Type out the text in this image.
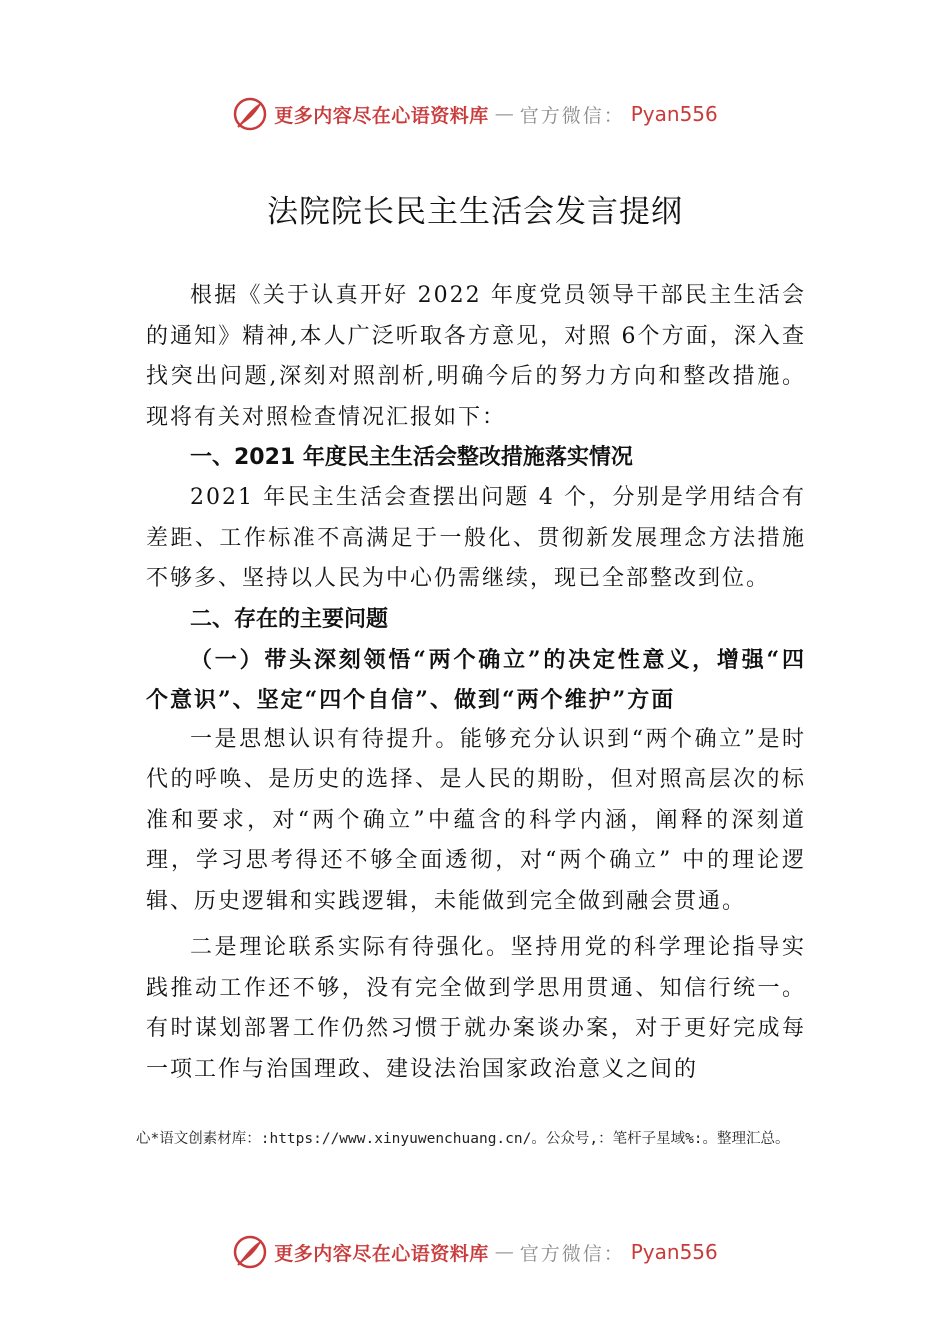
更多内容尽在心语资料库 — 官方微信： Pyan556
法院院长民主生活会发言提纲

根据《关于认真开好 2022 年度党员领导干部民主生活会的通知》精神,本人广泛听取各方意见，对照 6个方面，深入查找突出问题,深刻对照剖析,明确今后的努力方向和整改措施。现将有关对照检查情况汇报如下：

一、2021 年度民主生活会整改措施落实情况

2021 年民主生活会查摆出问题 4 个，分别是学用结合有差距、工作标准不高满足于一般化、贯彻新发展理念方法措施不够多、坚持以人民为中心仍需继续，现已全部整改到位。

二、存在的主要问题

（一）带头深刻领悟“两个确立”的决定性意义，增强“四个意识”、坚定“四个自信”、做到“两个维护”方面

一是思想认识有待提升。能够充分认识到“两个确立”是时代的呼唤、是历史的选择、是人民的期盼，但对照高层次的标准和要求，对“两个确立”中蕴含的科学内涵，阐释的深刻道理，学习思考得还不够全面透彻，对“两个确立” 中的理论逻辑、历史逻辑和实践逻辑，未能做到完全做到融会贯通。

二是理论联系实际有待强化。坚持用党的科学理论指导实践推动工作还不够，没有完全做到学思用贯通、知信行统一。有时谋划部署工作仍然习惯于就办案谈办案，对于更好完成每一项工作与治国理政、建设法治国家政治意义之间的

心*语文创素材库：:https://www.xinyuwenchuang.cn/。公众号,：笔杆子星域%:。整理汇总。

更多内容尽在心语资料库 — 官方微信： Pyan556
